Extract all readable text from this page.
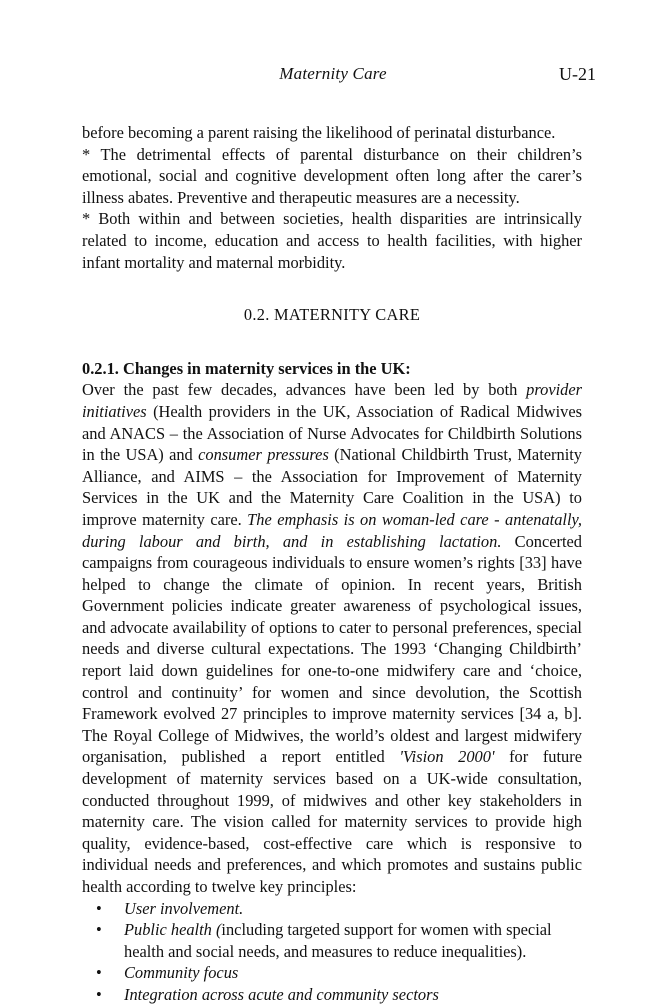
Maternity Care	U-21

before becoming a parent raising the likelihood of perinatal disturbance.

* The detrimental effects of parental disturbance on their children’s emotional, social and cognitive development often long after the carer’s illness abates. Preventive and therapeutic measures are a necessity.

* Both within and between societies, health disparities are intrinsically related to income, education and access to health facilities, with higher infant mortality and maternal morbidity.

0.2. MATERNITY CARE

0.2.1. Changes in maternity services in the UK:
Over the past few decades, advances have been led by both provider initiatives (Health providers in the UK, Association of Radical Midwives and ANACS – the Association of Nurse Advocates for Childbirth Solutions in the USA) and consumer pressures (National Childbirth Trust, Maternity Alliance, and AIMS – the Association for Improvement of Maternity Services in the UK and the Maternity Care Coalition in the USA) to improve maternity care. The emphasis is on woman-led care - antenatally, during labour and birth, and in establishing lactation. Concerted campaigns from courageous individuals to ensure women’s rights [33] have helped to change the climate of opinion. In recent years, British Government policies indicate greater awareness of psychological issues, and advocate availability of options to cater to personal preferences, special needs and diverse cultural expectations. The 1993 ‘Changing Childbirth’ report laid down guidelines for one-to-one midwifery care and ‘choice, control and continuity’ for women and since devolution, the Scottish Framework evolved 27 principles to improve maternity services [34 a, b]. The Royal College of Midwives, the world’s oldest and largest midwifery organisation, published a report entitled 'Vision 2000' for future development of maternity services based on a UK-wide consultation, conducted throughout 1999, of midwives and other key stakeholders in maternity care. The vision called for maternity services to provide high quality, evidence-based, cost-effective care which is responsive to individual needs and preferences, and which promotes and sustains public health according to twelve key principles:

• User involvement.
• Public health (including targeted support for women with special health and social needs, and measures to reduce inequalities).
• Community focus
• Integration across acute and community sectors
